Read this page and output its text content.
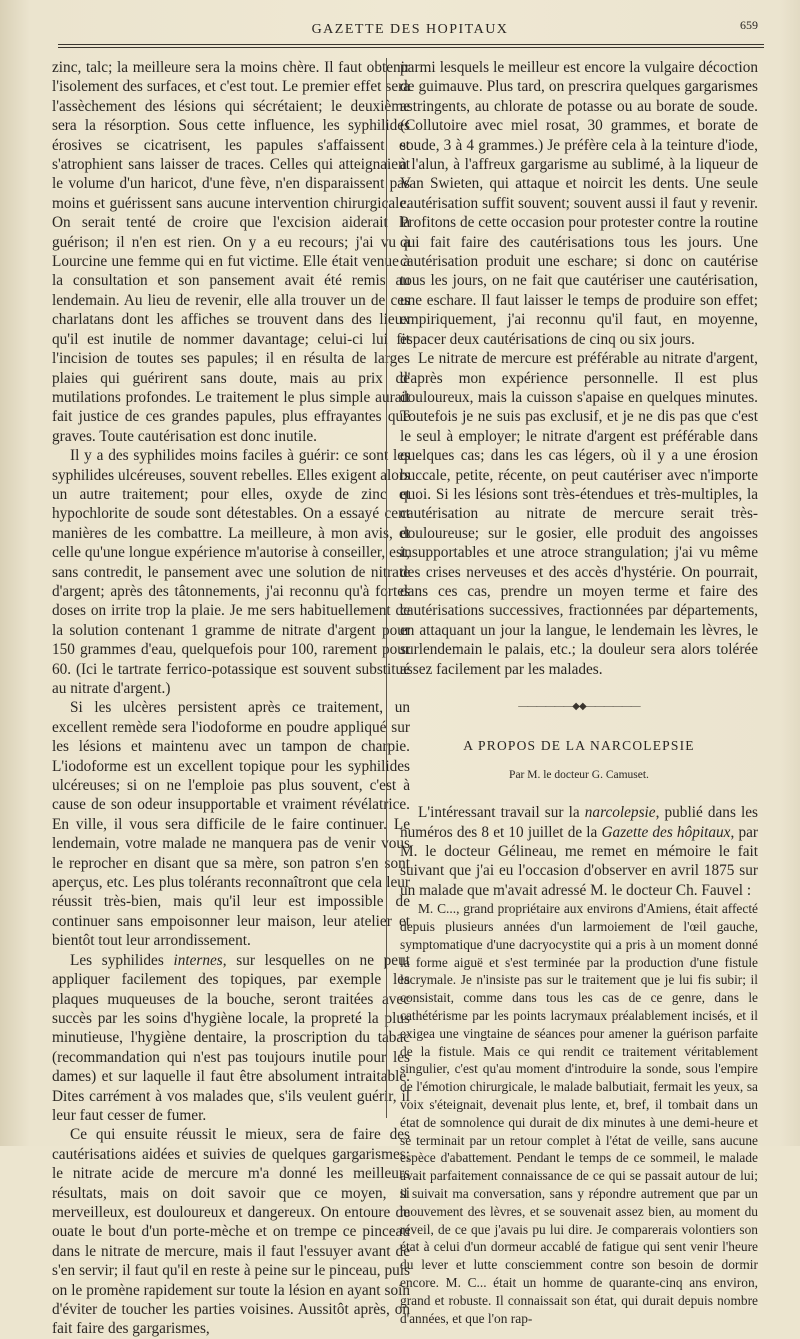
GAZETTE DES HOPITAUX	659

zinc, talc; la meilleure sera la moins chère. Il faut obtenir l'isolement des surfaces, et c'est tout. Le premier effet sera l'assèchement des lésions qui sécrétaient; le deuxième sera la résorption. Sous cette influence, les syphilides érosives se cicatrisent, les papules s'affaissent et s'atrophient sans laisser de traces. Celles qui atteignaient le volume d'un haricot, d'une fève, n'en disparaissent pas moins et guérissent sans aucune intervention chirurgicale. On serait tenté de croire que l'excision aiderait la guérison; il n'en est rien. On y a eu recours; j'ai vu à Lourcine une femme qui en fut victime. Elle était venue à la consultation et son pansement avait été remis au lendemain. Au lieu de revenir, elle alla trouver un de ces charlatans dont les affiches se trouvent dans des lieux qu'il est inutile de nommer davantage; celui-ci lui fit l'incision de toutes ses papules; il en résulta de larges plaies qui guérirent sans doute, mais au prix de mutilations profondes. Le traitement le plus simple aurait fait justice de ces grandes papules, plus effrayantes que graves. Toute cautérisation est donc inutile.

Il y a des syphilides moins faciles à guérir: ce sont les syphilides ulcéreuses, souvent rebelles. Elles exigent alors un autre traitement; pour elles, oxyde de zinc et hypochlorite de soude sont détestables. On a essayé cent manières de les combattre. La meilleure, à mon avis, et celle qu'une longue expérience m'autorise à conseiller, est, sans contredit, le pansement avec une solution de nitrate d'argent; après des tâtonnements, j'ai reconnu qu'à fortes doses on irrite trop la plaie. Je me sers habituellement de la solution contenant 1 gramme de nitrate d'argent pour 150 grammes d'eau, quelquefois pour 100, rarement pour 60. (Ici le tartrate ferrico-potassique est souvent substitué au nitrate d'argent.)

Si les ulcères persistent après ce traitement, un excellent remède sera l'iodoforme en poudre appliqué sur les lésions et maintenu avec un tampon de charpie. L'iodoforme est un excellent topique pour les syphilides ulcéreuses; si on ne l'emploie pas plus souvent, c'est à cause de son odeur insupportable et vraiment révélatrice. En ville, il vous sera difficile de le faire continuer. Le lendemain, votre malade ne manquera pas de venir vous le reprocher en disant que sa mère, son patron s'en sont aperçus, etc. Les plus tolérants reconnaîtront que cela leur réussit très-bien, mais qu'il leur est impossible de continuer sans empoisonner leur maison, leur atelier et bientôt tout leur arrondissement.

Les syphilides internes, sur lesquelles on ne peut appliquer facilement des topiques, par exemple les plaques muqueuses de la bouche, seront traitées avec succès par les soins d'hygiène locale, la propreté la plus minutieuse, l'hygiène dentaire, la proscription du tabac (recommandation qui n'est pas toujours inutile pour les dames) et sur laquelle il faut être absolument intraitable. Dites carrément à vos malades que, s'ils veulent guérir, il leur faut cesser de fumer.

Ce qui ensuite réussit le mieux, sera de faire des cautérisations aidées et suivies de quelques gargarismes; le nitrate acide de mercure m'a donné les meilleurs résultats, mais on doit savoir que ce moyen, si merveilleux, est douloureux et dangereux. On entoure de ouate le bout d'un porte-mèche et on trempe ce pinceau dans le nitrate de mercure, mais il faut l'essuyer avant de s'en servir; il faut qu'il en reste à peine sur le pinceau, puis on le promène rapidement sur toute la lésion en ayant soin d'éviter de toucher les parties voisines. Aussitôt après, on fait faire des gargarismes,

parmi lesquels le meilleur est encore la vulgaire décoction de guimauve. Plus tard, on prescrira quelques gargarismes astringents, au chlorate de potasse ou au borate de soude. (Collutoire avec miel rosat, 30 grammes, et borate de soude, 3 à 4 grammes.) Je préfère cela à la teinture d'iode, à l'alun, à l'affreux gargarisme au sublimé, à la liqueur de Van Swieten, qui attaque et noircit les dents. Une seule cautérisation suffit souvent; souvent aussi il faut y revenir. Profitons de cette occasion pour protester contre la routine qui fait faire des cautérisations tous les jours. Une cautérisation produit une eschare; si donc on cautérise tous les jours, on ne fait que cautériser une cautérisation, une eschare. Il faut laisser le temps de produire son effet; empiriquement, j'ai reconnu qu'il faut, en moyenne, espacer deux cautérisations de cinq ou six jours.

Le nitrate de mercure est préférable au nitrate d'argent, d'après mon expérience personnelle. Il est plus douloureux, mais la cuisson s'apaise en quelques minutes. Toutefois je ne suis pas exclusif, et je ne dis pas que c'est le seul à employer; le nitrate d'argent est préférable dans quelques cas; dans les cas légers, où il y a une érosion buccale, petite, récente, on peut cautériser avec n'importe quoi. Si les lésions sont très-étendues et très-multiples, la cautérisation au nitrate de mercure serait très-douloureuse; sur le gosier, elle produit des angoisses insupportables et une atroce strangulation; j'ai vu même des crises nerveuses et des accès d'hystérie. On pourrait, dans ces cas, prendre un moyen terme et faire des cautérisations successives, fractionnées par départements, en attaquant un jour la langue, le lendemain les lèvres, le surlendemain le palais, etc.; la douleur sera alors tolérée assez facilement par les malades.

——————◆◆——————
A PROPOS DE LA NARCOLEPSIE
Par M. le docteur G. Camuset.

L'intéressant travail sur la narcolepsie, publié dans les numéros des 8 et 10 juillet de la Gazette des hôpitaux, par M. le docteur Gélineau, me remet en mémoire le fait suivant que j'ai eu l'occasion d'observer en avril 1875 sur un malade que m'avait adressé M. le docteur Ch. Fauvel :

M. C..., grand propriétaire aux environs d'Amiens, était affecté depuis plusieurs années d'un larmoiement de l'œil gauche, symptomatique d'une dacryocystite qui a pris à un moment donné la forme aiguë et s'est terminée par la production d'une fistule lacrymale. Je n'insiste pas sur le traitement que je lui fis subir; il consistait, comme dans tous les cas de ce genre, dans le cathétérisme par les points lacrymaux préalablement incisés, et il exigea une vingtaine de séances pour amener la guérison parfaite de la fistule. Mais ce qui rendit ce traitement véritablement singulier, c'est qu'au moment d'introduire la sonde, sous l'empire de l'émotion chirurgicale, le malade balbutiait, fermait les yeux, sa voix s'éteignait, devenait plus lente, et, bref, il tombait dans un état de somnolence qui durait de dix minutes à une demi-heure et se terminait par un retour complet à l'état de veille, sans aucune espèce d'abattement. Pendant le temps de ce sommeil, le malade avait parfaitement connaissance de ce qui se passait autour de lui; il suivait ma conversation, sans y répondre autrement que par un mouvement des lèvres, et se souvenait assez bien, au moment du réveil, de ce que j'avais pu lui dire. Je comparerais volontiers son état à celui d'un dormeur accablé de fatigue qui sent venir l'heure du lever et lutte consciemment contre son besoin de dormir encore. M. C... était un homme de quarante-cinq ans environ, grand et robuste. Il connaissait son état, qui durait depuis nombre d'années, et que l'on rap-
